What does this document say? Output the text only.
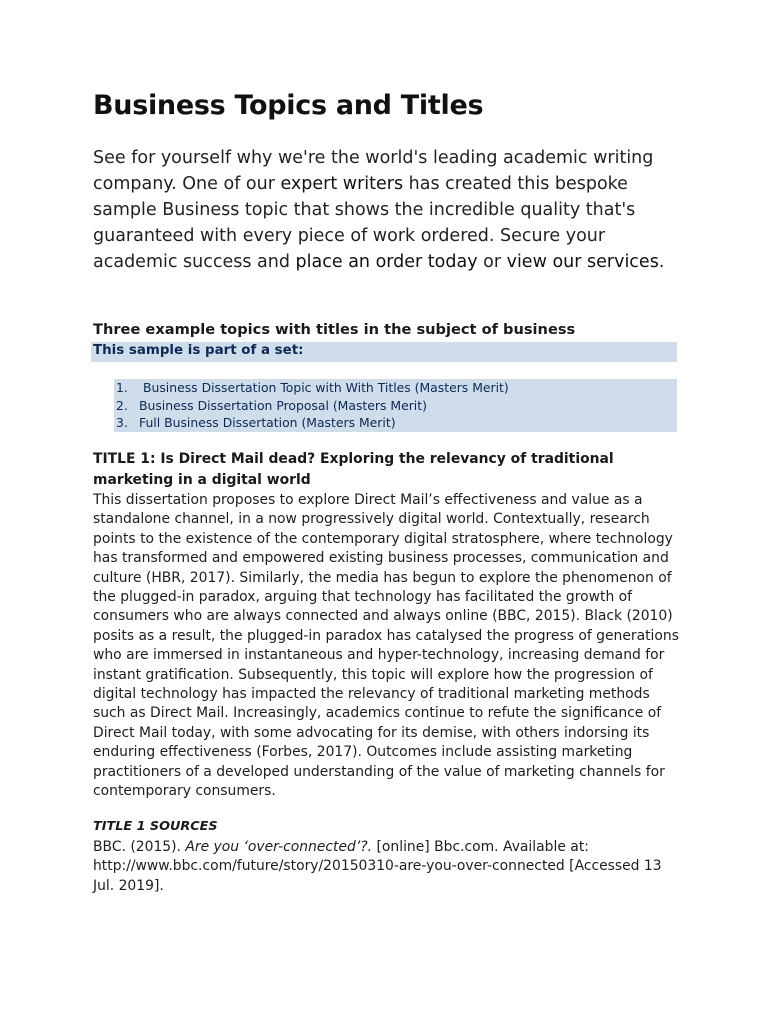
Business Topics and Titles

See for yourself why we're the world's leading academic writing company. One of our expert writers has created this bespoke sample Business topic that shows the incredible quality that's guaranteed with every piece of work ordered. Secure your academic success and place an order today or view our services.

Three example topics with titles in the subject of business

This sample is part of a set:
1. Business Dissertation Topic with With Titles (Masters Merit)
2. Business Dissertation Proposal (Masters Merit)
3. Full Business Dissertation (Masters Merit)

TITLE 1: Is Direct Mail dead? Exploring the relevancy of traditional marketing in a digital world

This dissertation proposes to explore Direct Mail’s effectiveness and value as a standalone channel, in a now progressively digital world. Contextually, research points to the existence of the contemporary digital stratosphere, where technology has transformed and empowered existing business processes, communication and culture (HBR, 2017). Similarly, the media has begun to explore the phenomenon of the plugged-in paradox, arguing that technology has facilitated the growth of consumers who are always connected and always online (BBC, 2015). Black (2010) posits as a result, the plugged-in paradox has catalysed the progress of generations who are immersed in instantaneous and hyper-technology, increasing demand for instant gratification. Subsequently, this topic will explore how the progression of digital technology has impacted the relevancy of traditional marketing methods such as Direct Mail. Increasingly, academics continue to refute the significance of Direct Mail today, with some advocating for its demise, with others indorsing its enduring effectiveness (Forbes, 2017). Outcomes include assisting marketing practitioners of a developed understanding of the value of marketing channels for contemporary consumers.

TITLE 1 SOURCES

BBC. (2015). Are you ‘over-connected’?. [online] Bbc.com. Available at: http://www.bbc.com/future/story/20150310-are-you-over-connected [Accessed 13 Jul. 2019].
